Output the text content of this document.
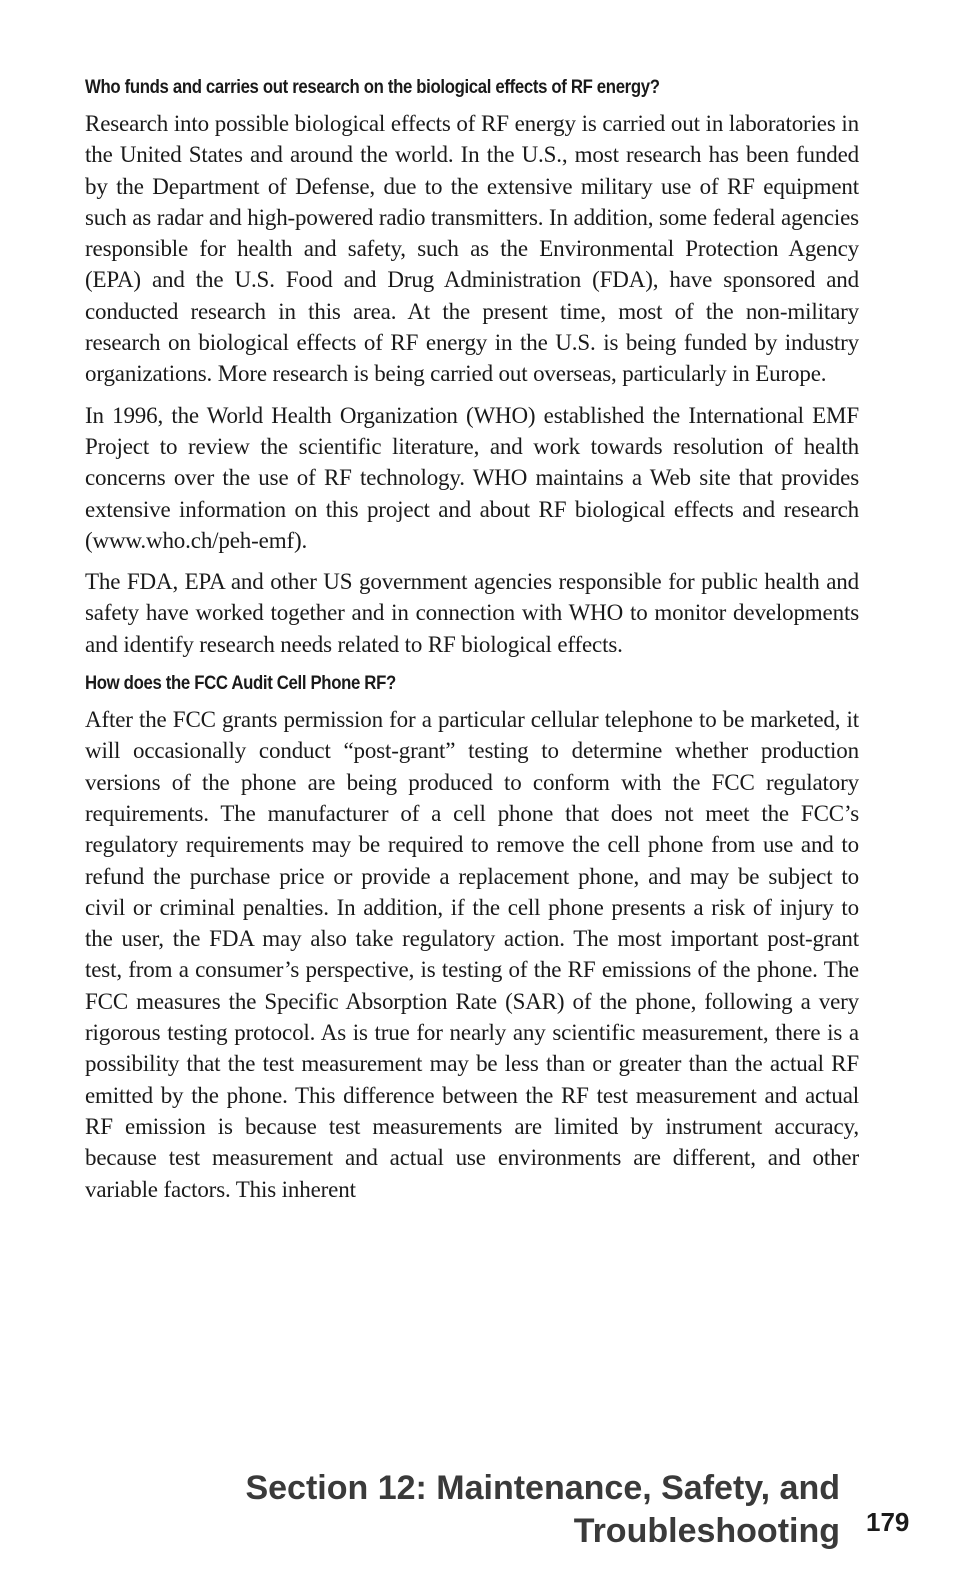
Who funds and carries out research on the biological effects of RF energy?

Research into possible biological effects of RF energy is carried out in laboratories in the United States and around the world. In the U.S., most research has been funded by the Department of Defense, due to the extensive military use of RF equipment such as radar and high-powered radio transmitters. In addition, some federal agencies responsible for health and safety, such as the Environmental Protection Agency (EPA) and the U.S. Food and Drug Administration (FDA), have sponsored and conducted research in this area. At the present time, most of the non-military research on biological effects of RF energy in the U.S. is being funded by industry organizations. More research is being carried out overseas, particularly in Europe.

In 1996, the World Health Organization (WHO) established the International EMF Project to review the scientific literature, and work towards resolution of health concerns over the use of RF technology. WHO maintains a Web site that provides extensive information on this project and about RF biological effects and research (www.who.ch/peh-emf).

The FDA, EPA and other US government agencies responsible for public health and safety have worked together and in connection with WHO to monitor developments and identify research needs related to RF biological effects.

How does the FCC Audit Cell Phone RF?

After the FCC grants permission for a particular cellular telephone to be marketed, it will occasionally conduct “post-grant” testing to determine whether production versions of the phone are being produced to conform with the FCC regulatory requirements. The manufacturer of a cell phone that does not meet the FCC’s regulatory requirements may be required to remove the cell phone from use and to refund the purchase price or provide a replacement phone, and may be subject to civil or criminal penalties. In addition, if the cell phone presents a risk of injury to the user, the FDA may also take regulatory action. The most important post-grant test, from a consumer’s perspective, is testing of the RF emissions of the phone. The FCC measures the Specific Absorption Rate (SAR) of the phone, following a very rigorous testing protocol. As is true for nearly any scientific measurement, there is a possibility that the test measurement may be less than or greater than the actual RF emitted by the phone. This difference between the RF test measurement and actual RF emission is because test measurements are limited by instrument accuracy, because test measurement and actual use environments are different, and other variable factors. This inherent

Section 12: Maintenance, Safety, and
Troubleshooting 179
